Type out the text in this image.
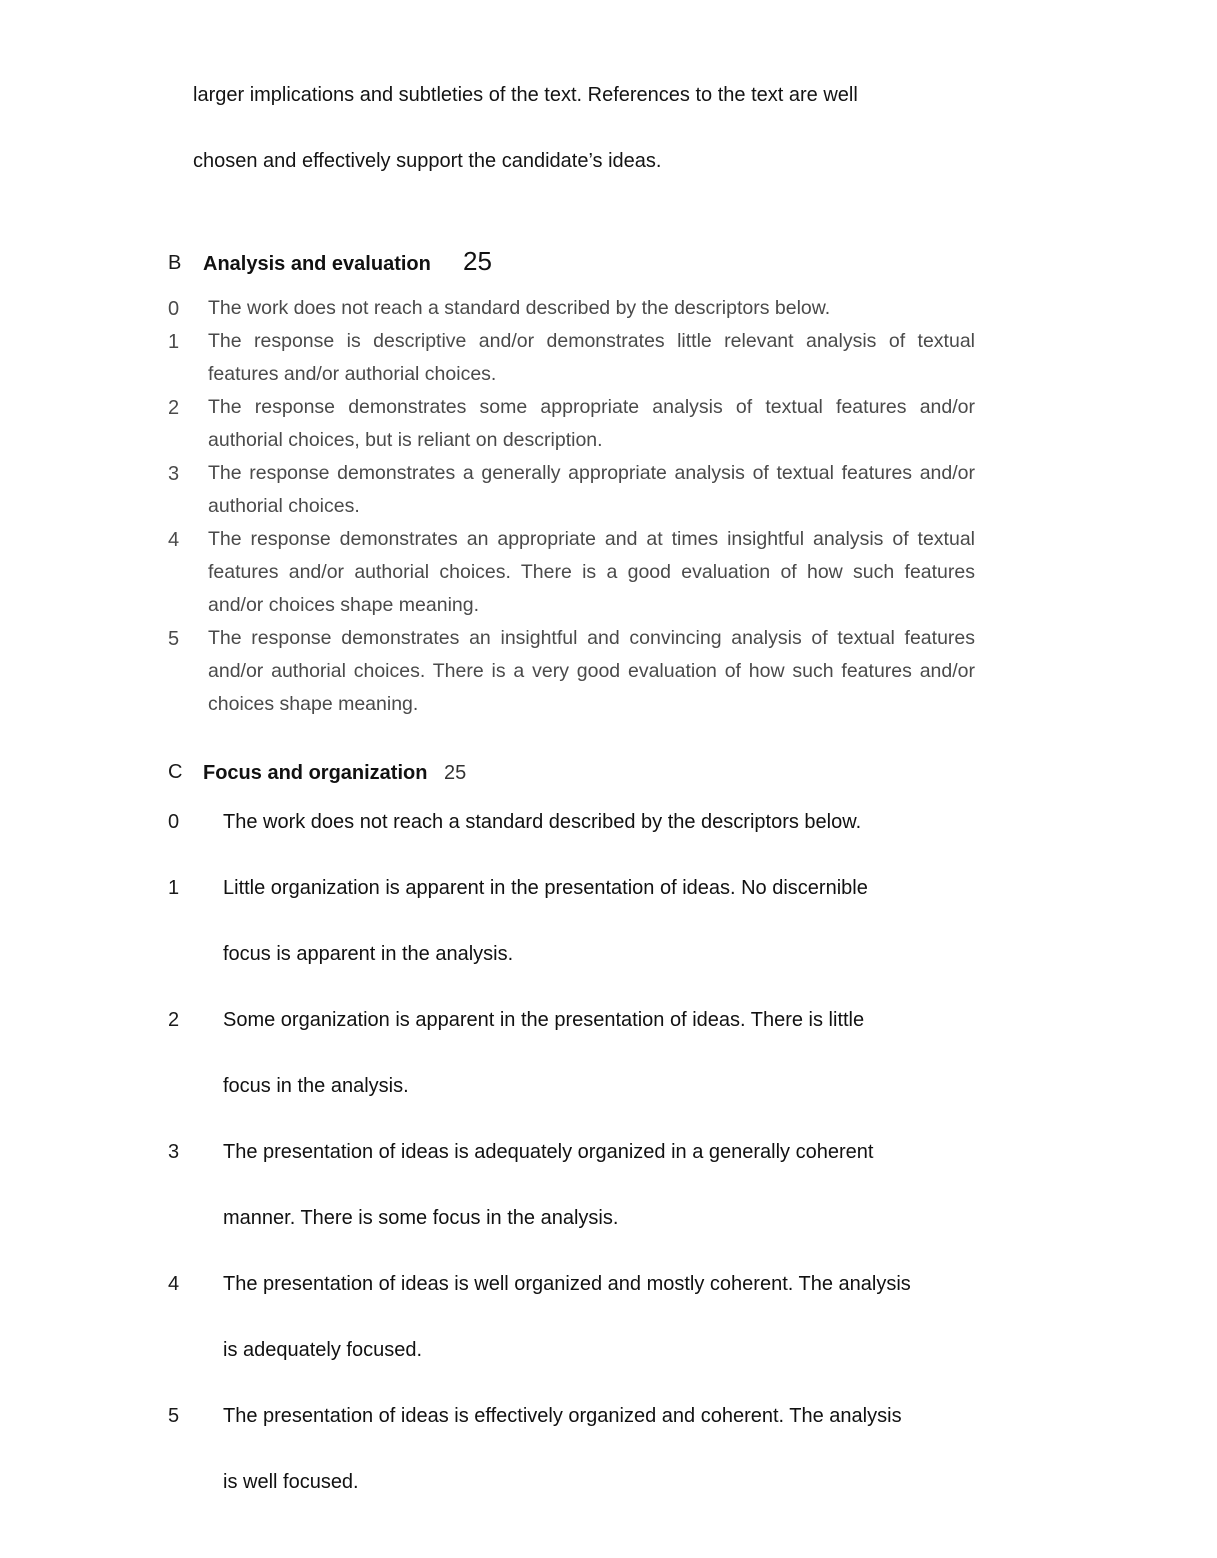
larger implications and subtleties of the text. References to the text are well
chosen and effectively support the candidate’s ideas.
B Analysis and evaluation 25
0 The work does not reach a standard described by the descriptors below.
1 The response is descriptive and/or demonstrates little relevant analysis of textual features and/or authorial choices.
2 The response demonstrates some appropriate analysis of textual features and/or authorial choices, but is reliant on description.
3 The response demonstrates a generally appropriate analysis of textual features and/or authorial choices.
4 The response demonstrates an appropriate and at times insightful analysis of textual features and/or authorial choices. There is a good evaluation of how such features and/or choices shape meaning.
5 The response demonstrates an insightful and convincing analysis of textual features and/or authorial choices. There is a very good evaluation of how such features and/or choices shape meaning.
C Focus and organization 25
0 The work does not reach a standard described by the descriptors below.
1 Little organization is apparent in the presentation of ideas. No discernible
focus is apparent in the analysis.
2 Some organization is apparent in the presentation of ideas. There is little
focus in the analysis.
3 The presentation of ideas is adequately organized in a generally coherent
manner. There is some focus in the analysis.
4 The presentation of ideas is well organized and mostly coherent. The analysis
is adequately focused.
5 The presentation of ideas is effectively organized and coherent. The analysis
is well focused.
